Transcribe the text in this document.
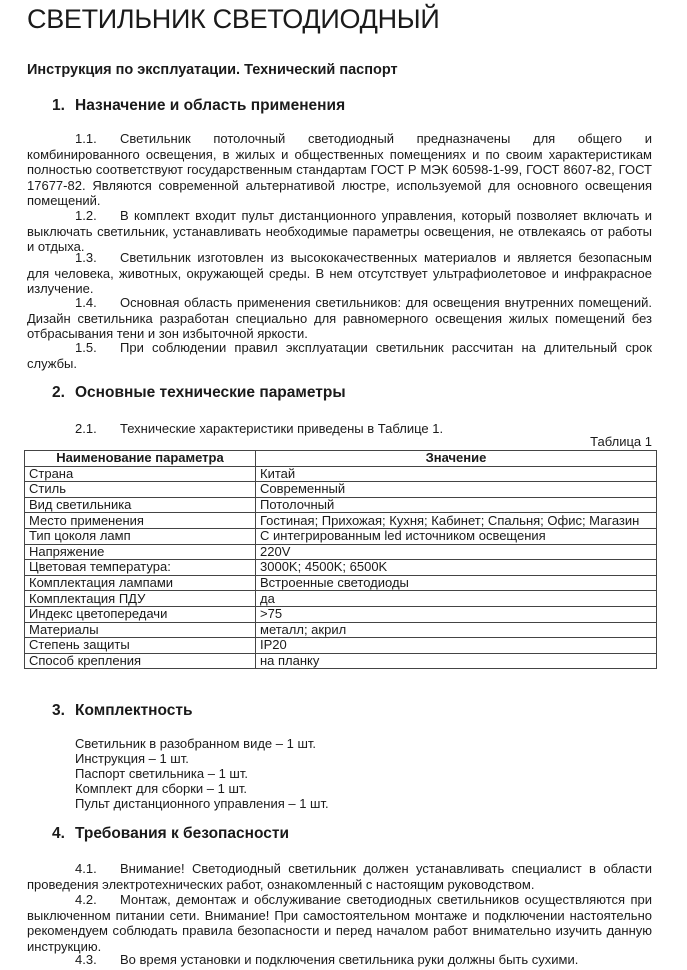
СВЕТИЛЬНИК СВЕТОДИОДНЫЙ
Инструкция по эксплуатации. Технический паспорт
1. Назначение и область применения
1.1. Светильник потолочный светодиодный предназначены для общего и комбинированного освещения, в жилых и общественных помещениях и по своим характеристикам полностью соответствуют государственным стандартам ГОСТ Р МЭК 60598-1-99, ГОСТ 8607-82, ГОСТ 17677-82. Являются современной альтернативой люстре, используемой для основного освещения помещений.
1.2. В комплект входит пульт дистанционного управления, который позволяет включать и выключать светильник, устанавливать необходимые параметры освещения, не отвлекаясь от работы и отдыха.
1.3. Светильник изготовлен из высококачественных материалов и является безопасным для человека, животных, окружающей среды. В нем отсутствует ультрафиолетовое и инфракрасное излучение.
1.4. Основная область применения светильников: для освещения внутренних помещений. Дизайн светильника разработан специально для равномерного освещения жилых помещений без отбрасывания тени и зон избыточной яркости.
1.5. При соблюдении правил эксплуатации светильник рассчитан на длительный срок службы.
2. Основные технические параметры
2.1. Технические характеристики приведены в Таблице 1.
Таблица 1
Наименование параметра	Значение
Страна	Китай
Стиль	Современный
Вид светильника	Потолочный
Место применения	Гостиная; Прихожая; Кухня; Кабинет; Спальня; Офис; Магазин
Тип цоколя ламп	С интегрированным led источником освещения
Напряжение	220V
Цветовая температура:	3000K; 4500K; 6500K
Комплектация лампами	Встроенные светодиоды
Комплектация ПДУ	да
Индекс цветопередачи	>75
Материалы	металл; акрил
Степень защиты	IP20
Способ крепления	на планку
3. Комплектность
Светильник в разобранном виде – 1 шт.
Инструкция – 1 шт.
Паспорт светильника – 1 шт.
Комплект для сборки – 1 шт.
Пульт дистанционного управления – 1 шт.
4. Требования к безопасности
4.1. Внимание! Светодиодный светильник должен устанавливать специалист в области проведения электротехнических работ, ознакомленный с настоящим руководством.
4.2. Монтаж, демонтаж и обслуживание светодиодных светильников осуществляются при выключенном питании сети. Внимание! При самостоятельном монтаже и подключении настоятельно рекомендуем соблюдать правила безопасности и перед началом работ внимательно изучить данную инструкцию.
4.3. Во время установки и подключения светильника руки должны быть сухими.
